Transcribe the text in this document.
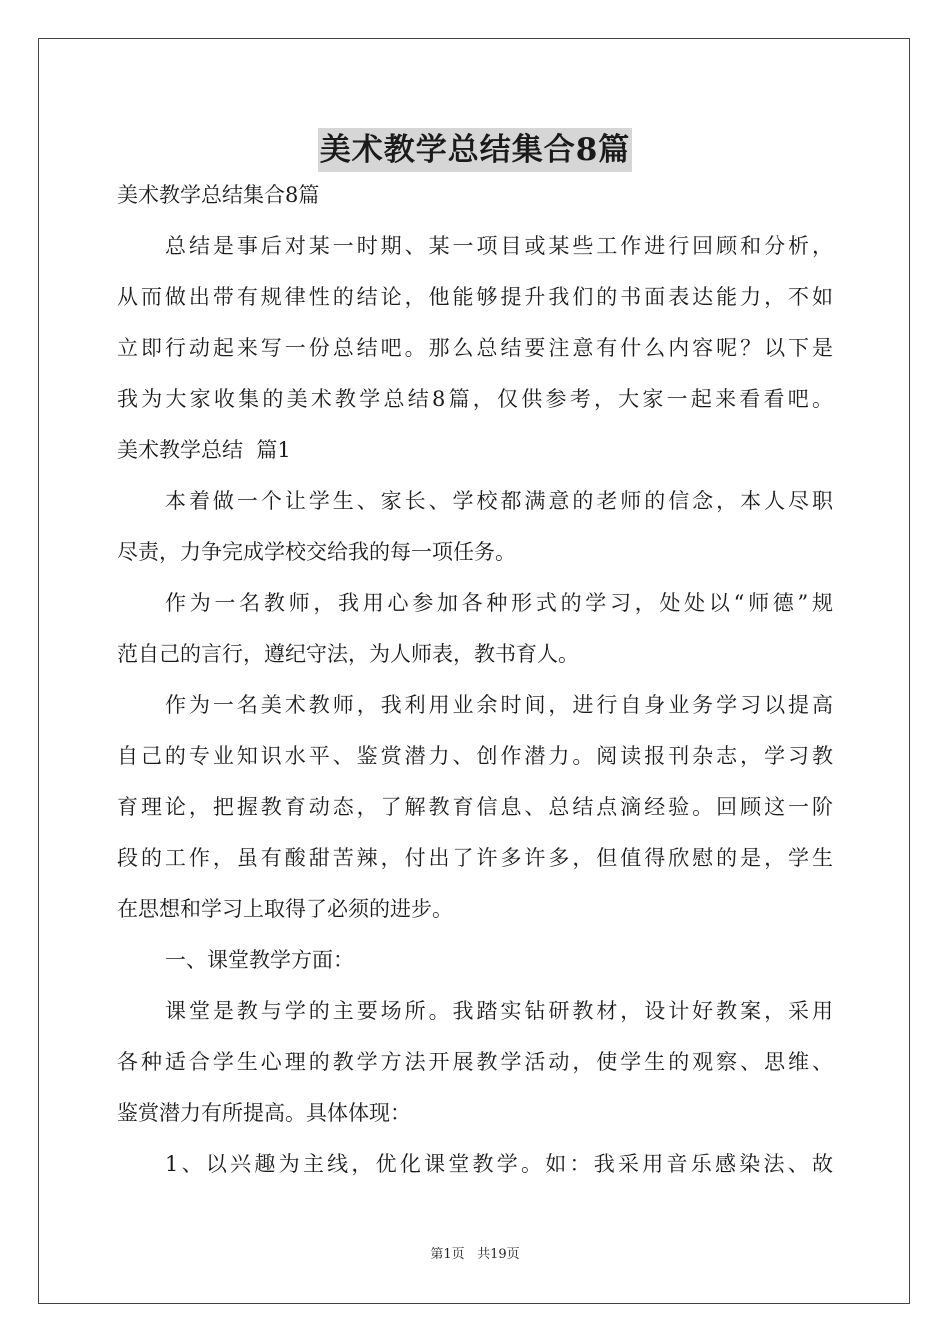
美术教学总结集合8篇
美术教学总结集合8篇
总结是事后对某一时期、某一项目或某些工作进行回顾和分析，
从而做出带有规律性的结论，他能够提升我们的书面表达能力，不如
立即行动起来写一份总结吧。那么总结要注意有什么内容呢？以下是
我为大家收集的美术教学总结8篇，仅供参考，大家一起来看看吧。
美术教学总结  篇1
本着做一个让学生、家长、学校都满意的老师的信念，本人尽职
尽责，力争完成学校交给我的每一项任务。
作为一名教师，我用心参加各种形式的学习，处处以“师德”规
范自己的言行，遵纪守法，为人师表，教书育人。
作为一名美术教师，我利用业余时间，进行自身业务学习以提高
自己的专业知识水平、鉴赏潜力、创作潜力。阅读报刊杂志，学习教
育理论，把握教育动态，了解教育信息、总结点滴经验。回顾这一阶
段的工作，虽有酸甜苦辣，付出了许多许多，但值得欣慰的是，学生
在思想和学习上取得了必须的进步。
一、课堂教学方面：
课堂是教与学的主要场所。我踏实钻研教材，设计好教案，采用
各种适合学生心理的教学方法开展教学活动，使学生的观察、思维、
鉴赏潜力有所提高。具体体现：
1、以兴趣为主线，优化课堂教学。如：我采用音乐感染法、故
第1页 共19页
